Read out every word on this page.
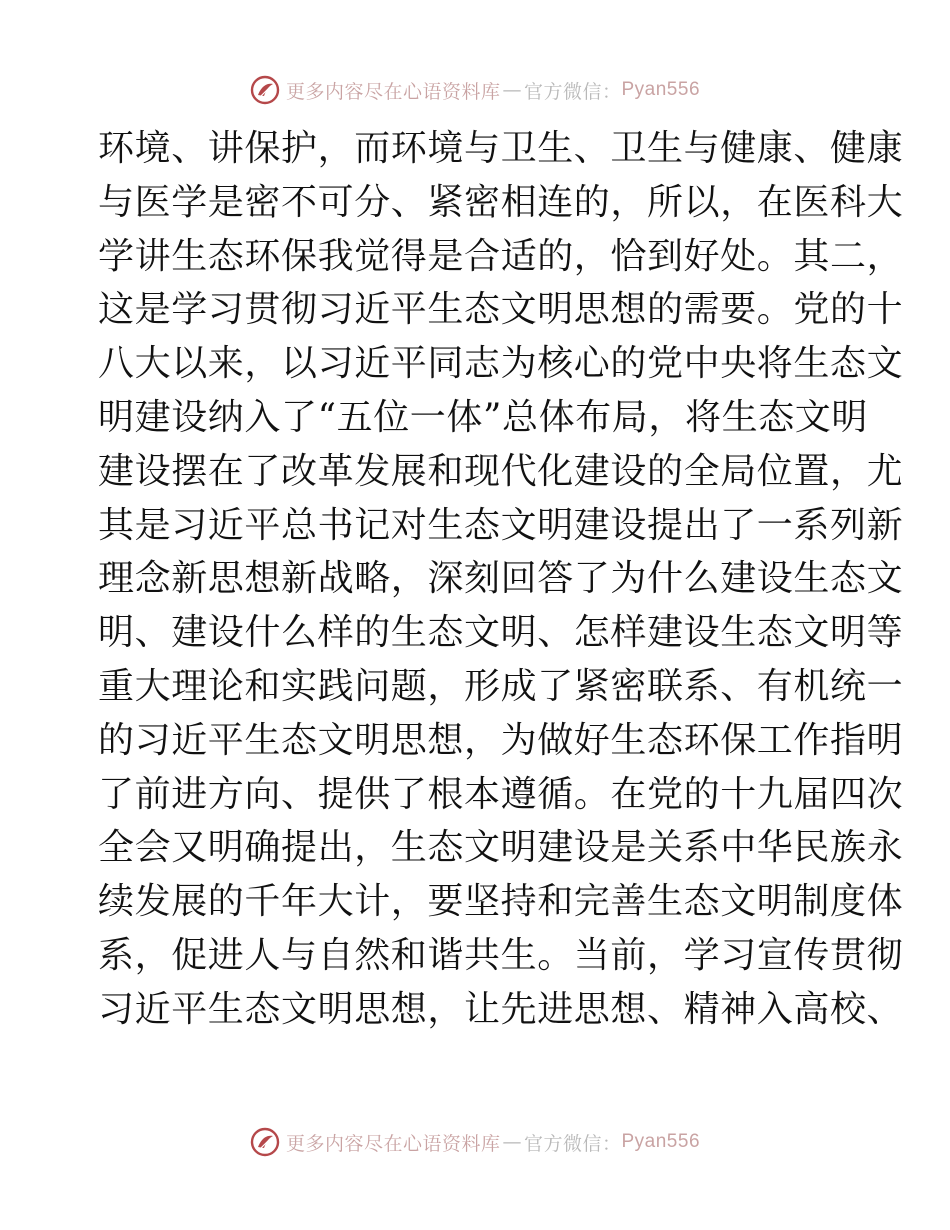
更多内容尽在心语资料库 — 官方微信： Pyan556
环境、讲保护，而环境与卫生、卫生与健康、健康
与医学是密不可分、紧密相连的，所以，在医科大
学讲生态环保我觉得是合适的，恰到好处。其二，
这是学习贯彻习近平生态文明思想的需要。党的十
八大以来，以习近平同志为核心的党中央将生态文
明建设纳入了“五位一体”总体布局，将生态文明
建设摆在了改革发展和现代化建设的全局位置，尤
其是习近平总书记对生态文明建设提出了一系列新
理念新思想新战略，深刻回答了为什么建设生态文
明、建设什么样的生态文明、怎样建设生态文明等
重大理论和实践问题，形成了紧密联系、有机统一
的习近平生态文明思想，为做好生态环保工作指明
了前进方向、提供了根本遵循。在党的十九届四次
全会又明确提出，生态文明建设是关系中华民族永
续发展的千年大计，要坚持和完善生态文明制度体
系，促进人与自然和谐共生。当前，学习宣传贯彻
习近平生态文明思想，让先进思想、精神入高校、
更多内容尽在心语资料库 — 官方微信： Pyan556
